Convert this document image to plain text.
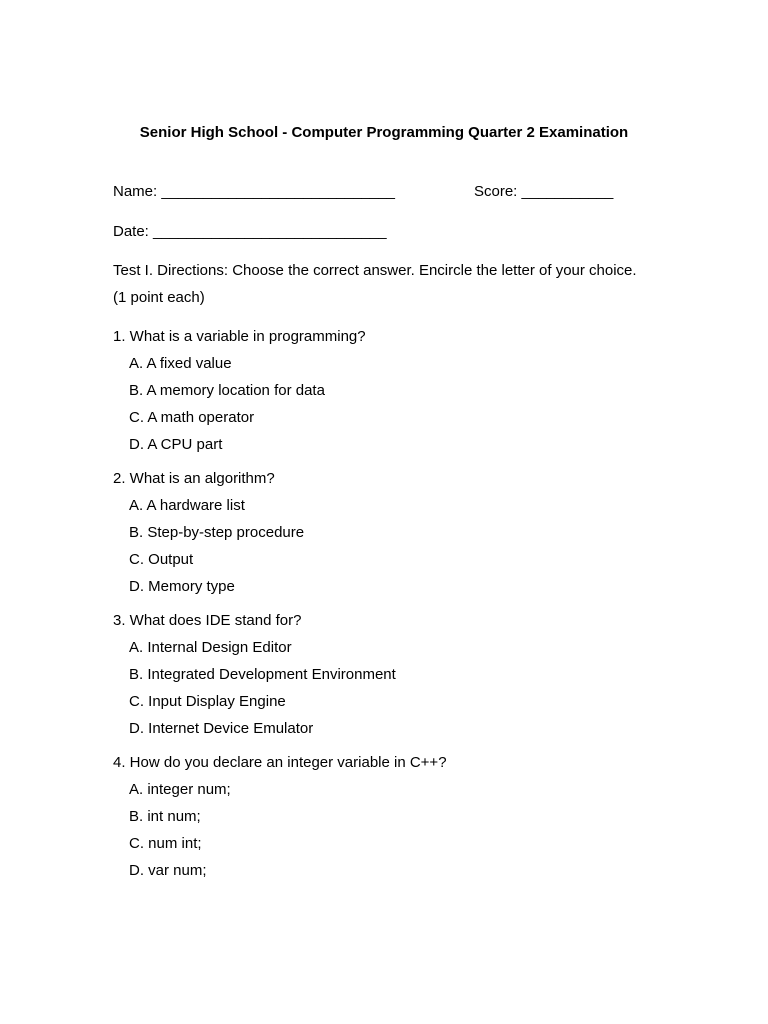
Senior High School - Computer Programming Quarter 2 Examination
Name: ____________________________	Score: ___________
Date: ____________________________
Test I. Directions: Choose the correct answer. Encircle the letter of your choice.
(1 point each)
1. What is a variable in programming?
A. A fixed value
B. A memory location for data
C. A math operator
D. A CPU part
2. What is an algorithm?
A. A hardware list
B. Step-by-step procedure
C. Output
D. Memory type
3. What does IDE stand for?
A. Internal Design Editor
B. Integrated Development Environment
C. Input Display Engine
D. Internet Device Emulator
4. How do you declare an integer variable in C++?
A. integer num;
B. int num;
C. num int;
D. var num;
